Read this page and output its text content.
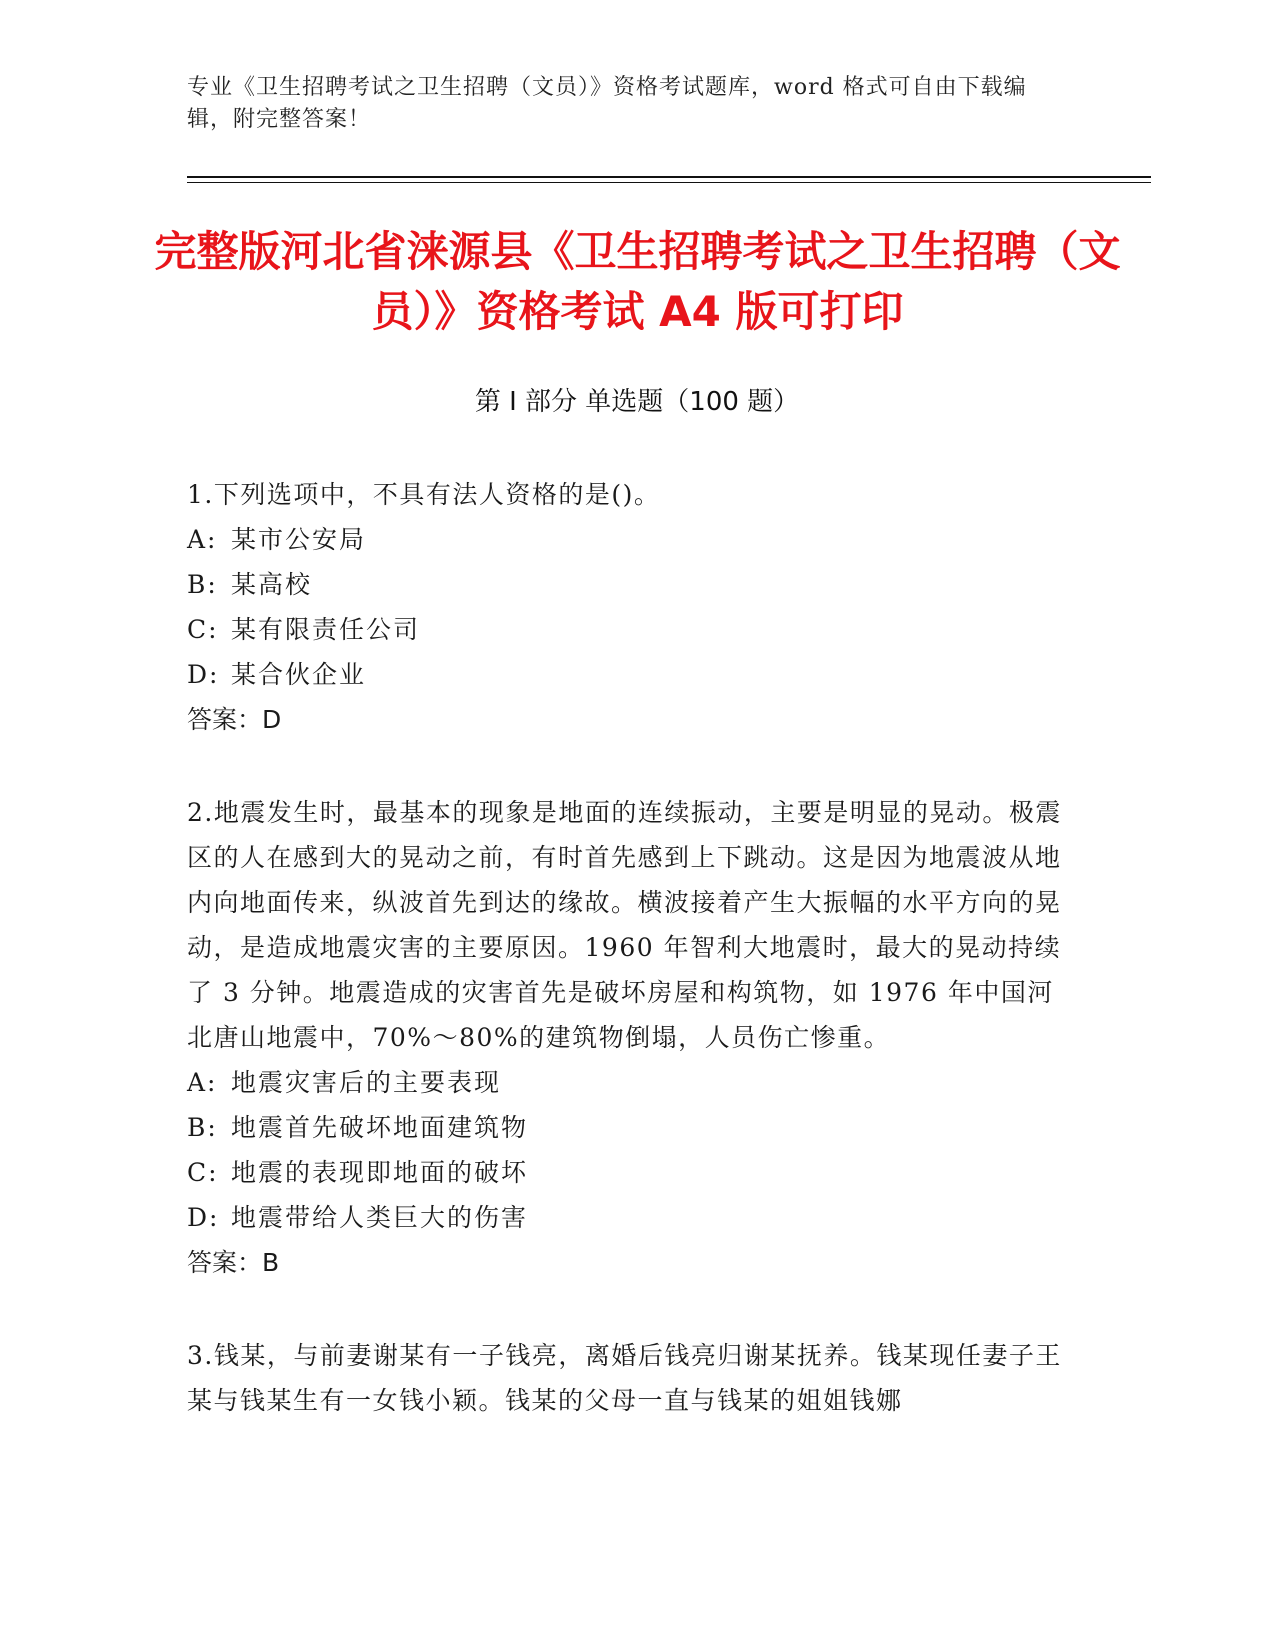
专业《卫生招聘考试之卫生招聘（文员）》资格考试题库，word 格式可自由下载编辑，附完整答案！
完整版河北省涞源县《卫生招聘考试之卫生招聘（文员）》资格考试 A4 版可打印
第 I 部分 单选题（100 题）

1.下列选项中，不具有法人资格的是()。

A: 某市公安局

B: 某高校

C: 某有限责任公司

D: 某合伙企业

答案：D

2.地震发生时，最基本的现象是地面的连续振动，主要是明显的晃动。极震区的人在感到大的晃动之前，有时首先感到上下跳动。这是因为地震波从地内向地面传来，纵波首先到达的缘故。横波接着产生大振幅的水平方向的晃动，是造成地震灾害的主要原因。1960 年智利大地震时，最大的晃动持续了 3 分钟。地震造成的灾害首先是破坏房屋和构筑物，如 1976 年中国河北唐山地震中，70%～80%的建筑物倒塌，人员伤亡惨重。

A: 地震灾害后的主要表现

B: 地震首先破坏地面建筑物

C: 地震的表现即地面的破坏

D: 地震带给人类巨大的伤害

答案：B

3.钱某，与前妻谢某有一子钱亮，离婚后钱亮归谢某抚养。钱某现任妻子王某与钱某生有一女钱小颖。钱某的父母一直与钱某的姐姐钱娜
